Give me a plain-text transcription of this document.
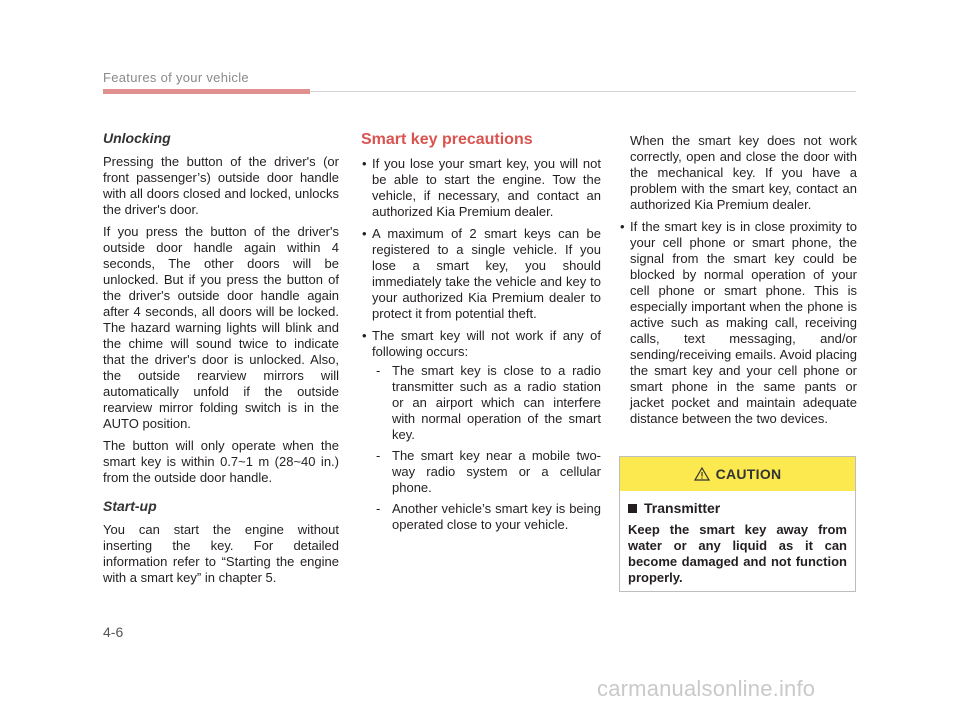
Features of your vehicle
Unlocking

Pressing the button of the driver's (or front passenger’s) outside door handle with all doors closed and locked, unlocks the driver's door.

If you press the button of the driver's outside door handle again within 4 seconds, The other doors will be unlocked. But if you press the button of the driver's outside door handle again after 4 seconds, all doors will be locked. The hazard warning lights will blink and the chime will sound twice to indicate that the driver's door is unlocked. Also, the outside rearview mirrors will automatically unfold if the outside rearview mirror folding switch is in the AUTO position.

The button will only operate when the smart key is within 0.7~1 m (28~40 in.) from the outside door handle.

Start-up

You can start the engine without inserting the key. For detailed information refer to “Starting the engine with a smart key” in chapter 5.

Smart key precautions
• If you lose your smart key, you will not be able to start the engine. Tow the vehicle, if necessary, and contact an authorized Kia Premium dealer.
• A maximum of 2 smart keys can be registered to a single vehicle. If you lose a smart key, you should immediately take the vehicle and key to your authorized Kia Premium dealer to protect it from potential theft.
• The smart key will not work if any of following occurs:
- The smart key is close to a radio transmitter such as a radio station or an airport which can interfere with normal operation of the smart key.
- The smart key near a mobile two-way radio system or a cellular phone.
- Another vehicle’s smart key is being operated close to your vehicle.
When the smart key does not work correctly, open and close the door with the mechanical key. If you have a problem with the smart key, contact an authorized Kia Premium dealer.
• If the smart key is in close proximity to your cell phone or smart phone, the signal from the smart key could be blocked by normal operation of your cell phone or smart phone. This is especially important when the phone is active such as making call, receiving calls, text messaging, and/or sending/receiving emails. Avoid placing the smart key and your cell phone or smart phone in the same pants or jacket pocket and maintain adequate distance between the two devices.
CAUTION
Transmitter
Keep the smart key away from water or any liquid as it can become damaged and not function properly.
4-6
carmanualsonline.info
